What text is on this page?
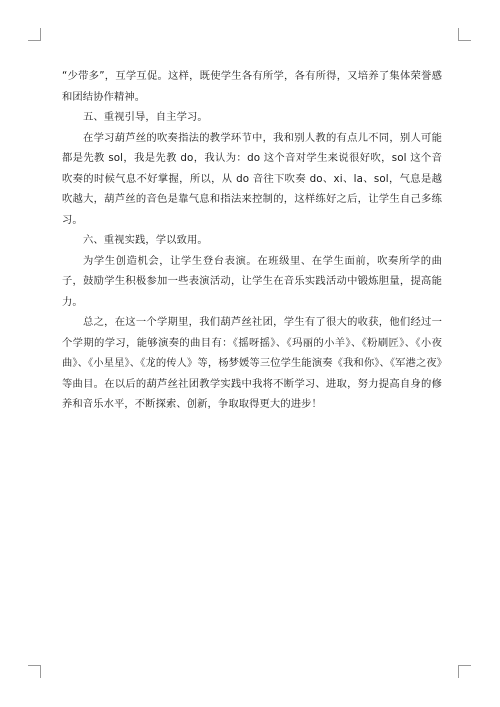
“少带多”，互学互促。这样，既使学生各有所学，各有所得，又培养了集体荣誉感和团结协作精神。

五、重视引导，自主学习。

在学习葫芦丝的吹奏指法的教学环节中，我和别人教的有点儿不同，别人可能都是先教 sol，我是先教 do，我认为：do 这个音对学生来说很好吹，sol 这个音吹奏的时候气息不好掌握，所以，从 do 音往下吹奏 do、xi、la、sol，气息是越吹越大，葫芦丝的音色是靠气息和指法来控制的，这样练好之后，让学生自己多练习。

六、重视实践，学以致用。

为学生创造机会，让学生登台表演。在班级里、在学生面前，吹奏所学的曲子，鼓励学生积极参加一些表演活动，让学生在音乐实践活动中锻炼胆量，提高能力。

总之，在这一个学期里，我们葫芦丝社团，学生有了很大的收获，他们经过一个学期的学习，能够演奏的曲目有：《摇呀摇》、《玛丽的小羊》、《粉刷匠》、《小夜曲》、《小星星》、《龙的传人》等，杨梦媛等三位学生能演奏《我和你》、《军港之夜》等曲目。在以后的葫芦丝社团教学实践中我将不断学习、进取，努力提高自身的修养和音乐水平，不断探索、创新，争取取得更大的进步！
